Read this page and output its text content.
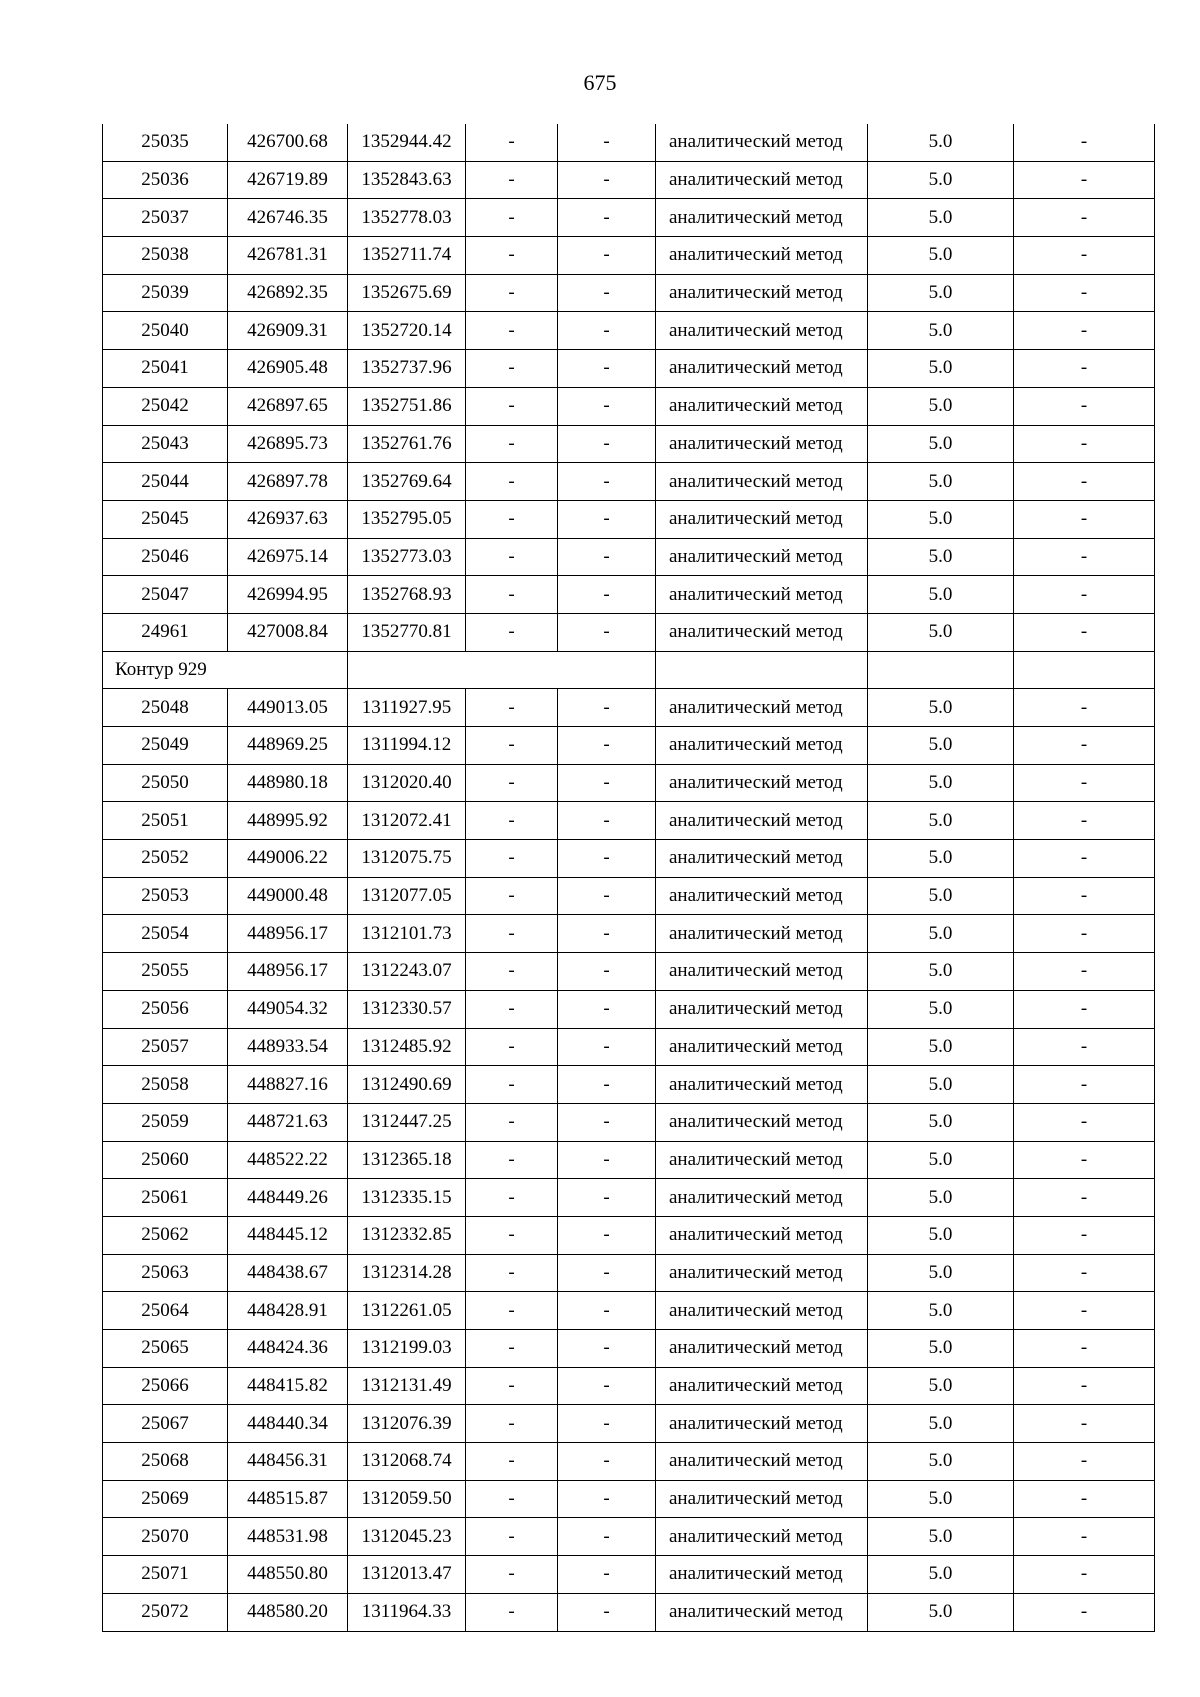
675
25035	426700.68	1352944.42	-	-	аналитический метод	5.0	-
25036	426719.89	1352843.63	-	-	аналитический метод	5.0	-
25037	426746.35	1352778.03	-	-	аналитический метод	5.0	-
25038	426781.31	1352711.74	-	-	аналитический метод	5.0	-
25039	426892.35	1352675.69	-	-	аналитический метод	5.0	-
25040	426909.31	1352720.14	-	-	аналитический метод	5.0	-
25041	426905.48	1352737.96	-	-	аналитический метод	5.0	-
25042	426897.65	1352751.86	-	-	аналитический метод	5.0	-
25043	426895.73	1352761.76	-	-	аналитический метод	5.0	-
25044	426897.78	1352769.64	-	-	аналитический метод	5.0	-
25045	426937.63	1352795.05	-	-	аналитический метод	5.0	-
25046	426975.14	1352773.03	-	-	аналитический метод	5.0	-
25047	426994.95	1352768.93	-	-	аналитический метод	5.0	-
24961	427008.84	1352770.81	-	-	аналитический метод	5.0	-
Контур 929							
25048	449013.05	1311927.95	-	-	аналитический метод	5.0	-
25049	448969.25	1311994.12	-	-	аналитический метод	5.0	-
25050	448980.18	1312020.40	-	-	аналитический метод	5.0	-
25051	448995.92	1312072.41	-	-	аналитический метод	5.0	-
25052	449006.22	1312075.75	-	-	аналитический метод	5.0	-
25053	449000.48	1312077.05	-	-	аналитический метод	5.0	-
25054	448956.17	1312101.73	-	-	аналитический метод	5.0	-
25055	448956.17	1312243.07	-	-	аналитический метод	5.0	-
25056	449054.32	1312330.57	-	-	аналитический метод	5.0	-
25057	448933.54	1312485.92	-	-	аналитический метод	5.0	-
25058	448827.16	1312490.69	-	-	аналитический метод	5.0	-
25059	448721.63	1312447.25	-	-	аналитический метод	5.0	-
25060	448522.22	1312365.18	-	-	аналитический метод	5.0	-
25061	448449.26	1312335.15	-	-	аналитический метод	5.0	-
25062	448445.12	1312332.85	-	-	аналитический метод	5.0	-
25063	448438.67	1312314.28	-	-	аналитический метод	5.0	-
25064	448428.91	1312261.05	-	-	аналитический метод	5.0	-
25065	448424.36	1312199.03	-	-	аналитический метод	5.0	-
25066	448415.82	1312131.49	-	-	аналитический метод	5.0	-
25067	448440.34	1312076.39	-	-	аналитический метод	5.0	-
25068	448456.31	1312068.74	-	-	аналитический метод	5.0	-
25069	448515.87	1312059.50	-	-	аналитический метод	5.0	-
25070	448531.98	1312045.23	-	-	аналитический метод	5.0	-
25071	448550.80	1312013.47	-	-	аналитический метод	5.0	-
25072	448580.20	1311964.33	-	-	аналитический метод	5.0	-
